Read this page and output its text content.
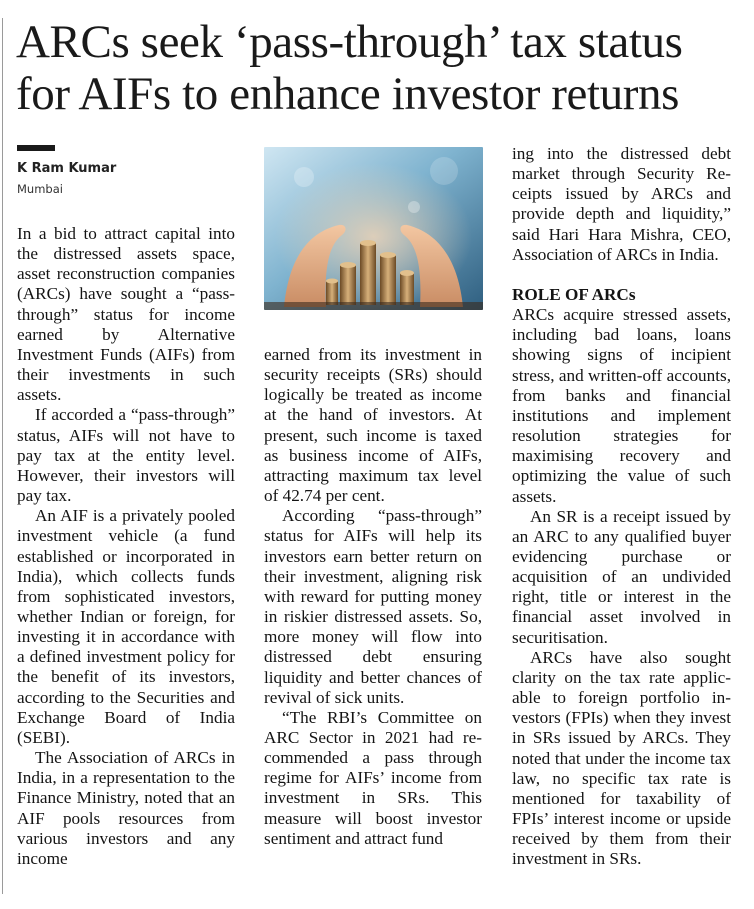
ARCs seek ‘pass-through’ tax status
for AIFs to enhance investor returns
K Ram Kumar
Mumbai

In a bid to attract capital into the distressed assets space, asset reconstruction companies (ARCs) have sought a “pass-through” status for income earned by Alternative Investment Funds (AIFs) from their investments in such assets.

If accorded a “pass-through” status, AIFs will not have to pay tax at the entity level. However, their investors will pay tax.

An AIF is a privately pooled investment vehicle (a fund established or incorporated in India), which collects funds from sophisticated investors, whether Indian or foreign, for investing it in accordance with a defined investment policy for the benefit of its investors, according to the Securities and Exchange Board of India (SEBI).

The Association of ARCs in India, in a representation to the Finance Ministry, noted that an AIF pools resources from various investors and any income

earned from its investment in security receipts (SRs) should logically be treated as income at the hand of investors. At present, such income is taxed as business income of AIFs, attracting maximum tax level of 42.74 per cent.

According “pass-through” status for AIFs will help its investors earn better return on their investment, aligning risk with reward for putting money in riskier distressed assets. So, more money will flow into distressed debt ensuring liquidity and better chances of revival of sick units.

“The RBI’s Committee on ARC Sector in 2021 had recommended a pass through regime for AIFs’ income from investment in SRs. This measure will boost investor sentiment and attract fund

ing into the distressed debt market through Security Receipts issued by ARCs and provide depth and liquidity,” said Hari Hara Mishra, CEO, Association of ARCs in India.

ROLE OF ARCs

ARCs acquire stressed assets, including bad loans, loans showing signs of incipient stress, and written-off accounts, from banks and financial institutions and implement resolution strategies for maximising recovery and optimizing the value of such assets.

An SR is a receipt issued by an ARC to any qualified buyer evidencing purchase or acquisition of an undivided right, title or interest in the financial asset involved in securitisation.

ARCs have also sought clarity on the tax rate applicable to foreign portfolio investors (FPIs) when they invest in SRs issued by ARCs. They noted that under the income tax law, no specific tax rate is mentioned for taxability of FPIs’ interest income or upside received by them from their investment in SRs.
